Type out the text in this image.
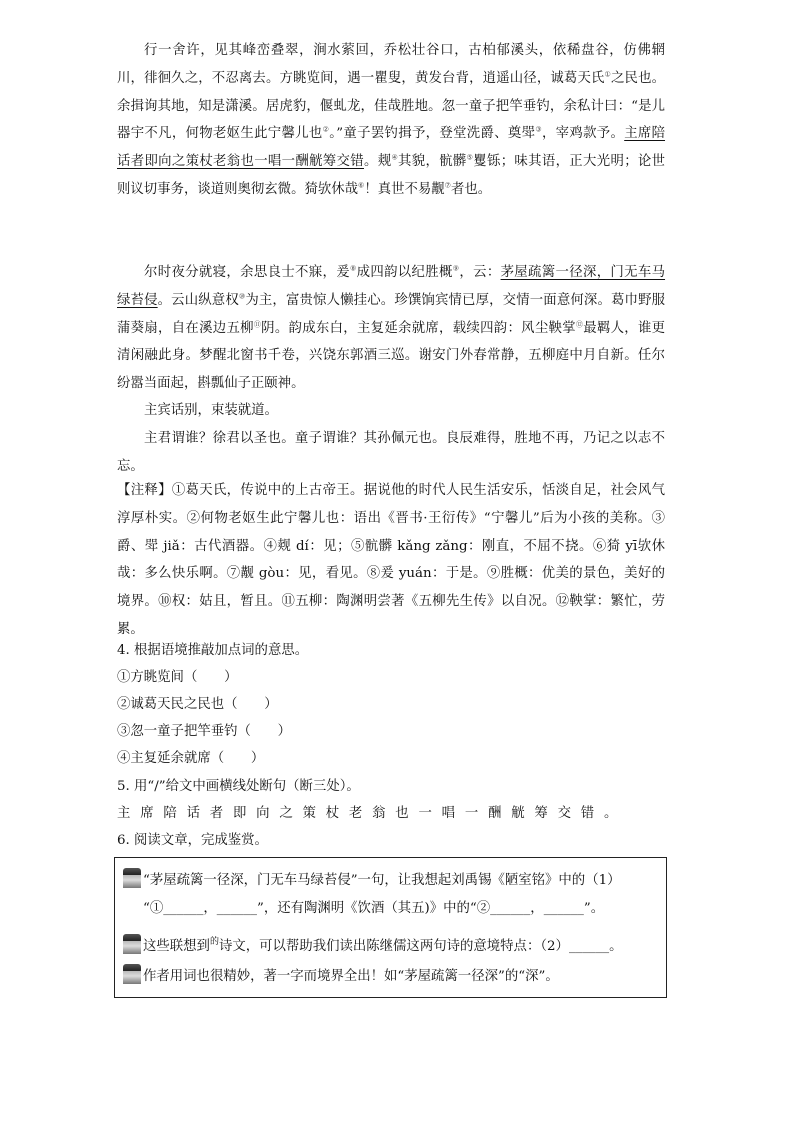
行一舍许，见其峰峦叠翠，涧水萦回，乔松壮谷口，古柏郁溪头，依稀盘谷，仿佛辋川，徘徊久之，不忍离去。方眺览间，遇一瞿叟，黄发台背，逍遥山径，诚葛天氏①之民也。余揖询其地，知是潇溪。居虎豹，偃虬龙，佳哉胜地。忽一童子把竿垂钓，余私计曰：“是儿器宇不凡，何物老妪生此宁馨儿也②。”童子罢钓揖予，登堂洗爵、奠斝③，宰鸡款予。主席陪话者即向之策杖老翁也一唱一酬觥筹交错。觌④其貌，骯髒⑤矍铄；味其语，正大光明；论世则议切事务，谈道则奥彻玄微。猗欤休哉⑥！真世不易觏⑦者也。

尔时夜分就寝，余思良士不寐，爰⑧成四韵以纪胜概⑨，云：茅屋疏篱一径深，门无车马绿苔侵。云山纵意权⑩为主，富贵惊人懒挂心。珍馔饷宾情已厚，交情一面意何深。葛巾野服蒲葵扇，自在溪边五柳⑪阴。韵成东白，主复延余就席，载续四韵：风尘鞅掌⑫最羁人，谁更清闲融此身。梦醒北窗书千卷，兴饶东郭酒三巡。谢安门外春常静，五柳庭中月自新。任尔纷嚣当面起，斟瓢仙子正颐神。

主宾话别，束装就道。

主君谓谁？徐君以圣也。童子谓谁？其孙佩元也。良辰难得，胜地不再，乃记之以志不忘。

【注释】①葛天氏，传说中的上古帝王。据说他的时代人民生活安乐，恬淡自足，社会风气淳厚朴实。②何物老妪生此宁馨儿也：语出《晋书·王衍传》“宁馨儿”后为小孩的美称。③爵、斝 jiǎ：古代酒器。④觌 dí：见；⑤骯髒 kǎng zǎng：刚直，不屈不挠。⑥猗 yī欤休哉：多么快乐啊。⑦觏 gòu：见，看见。⑧爰 yuán：于是。⑨胜概：优美的景色，美好的境界。⑩权：姑且，暂且。⑪五柳：陶渊明尝著《五柳先生传》以自况。⑫鞅掌：繁忙，劳累。

4. 根据语境推敲加点词的意思。
①方眺览间（　　）
②诚葛天民之民也（　　）
③忽一童子把竿垂钓（　　）
④主复延余就席（　　）
5. 用“/”给文中画横线处断句（断三处）。
主席陪话者即向之策杖老翁也一唱一酬觥筹交错。
6. 阅读文章，完成鉴赏。
“茅屋疏篱一径深，门无车马绿苔侵”一句，让我想起刘禹锡《陋室铭》中的（1）
“①______，______”，还有陶渊明《饮酒（其五)》中的“②______，______”。
这些联想到$^的$诗文，可以帮助我们读出陈继儒这两句诗的意境特点：（2）______。
作者用词也很精妙，著一字而境界全出！如“茅屋疏篱一径深”的“深”。
